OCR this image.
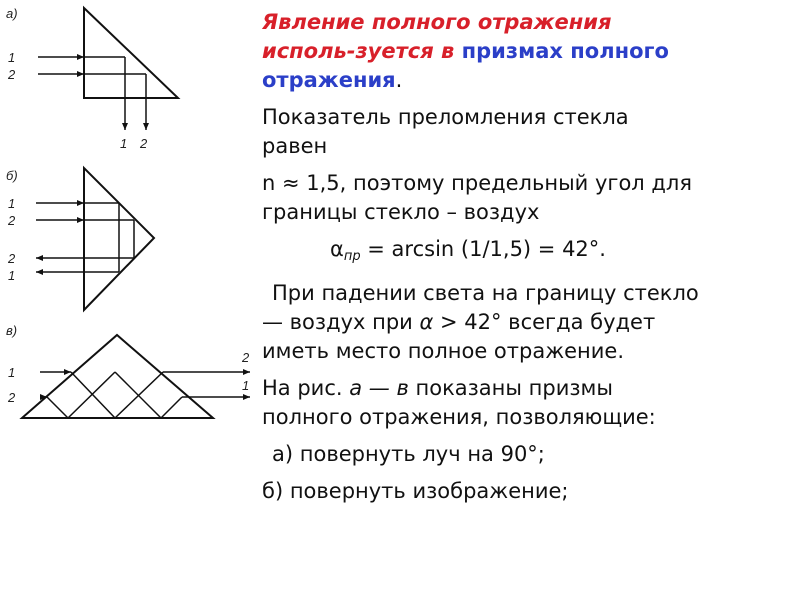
а)
1
2
1 2
б)
1
2
2
1
в)
1
2
2
1

Явление полного отражения

исполь-зуется в призмах полного

отражения.

Показатель преломления стекла

равен

n ≈ 1,5, поэтому предельный угол для

границы стекло – воздух

$\alpha_{пр} = \arcsin (1/1,5) = 42^\circ$.

При падении света на границу стекло

— воздух при α > 42° всегда будет

иметь место полное отражение.

На рис. а — в показаны призмы

полного отражения, позволяющие:

а) повернуть луч на 90°;

б) повернуть изображение;
